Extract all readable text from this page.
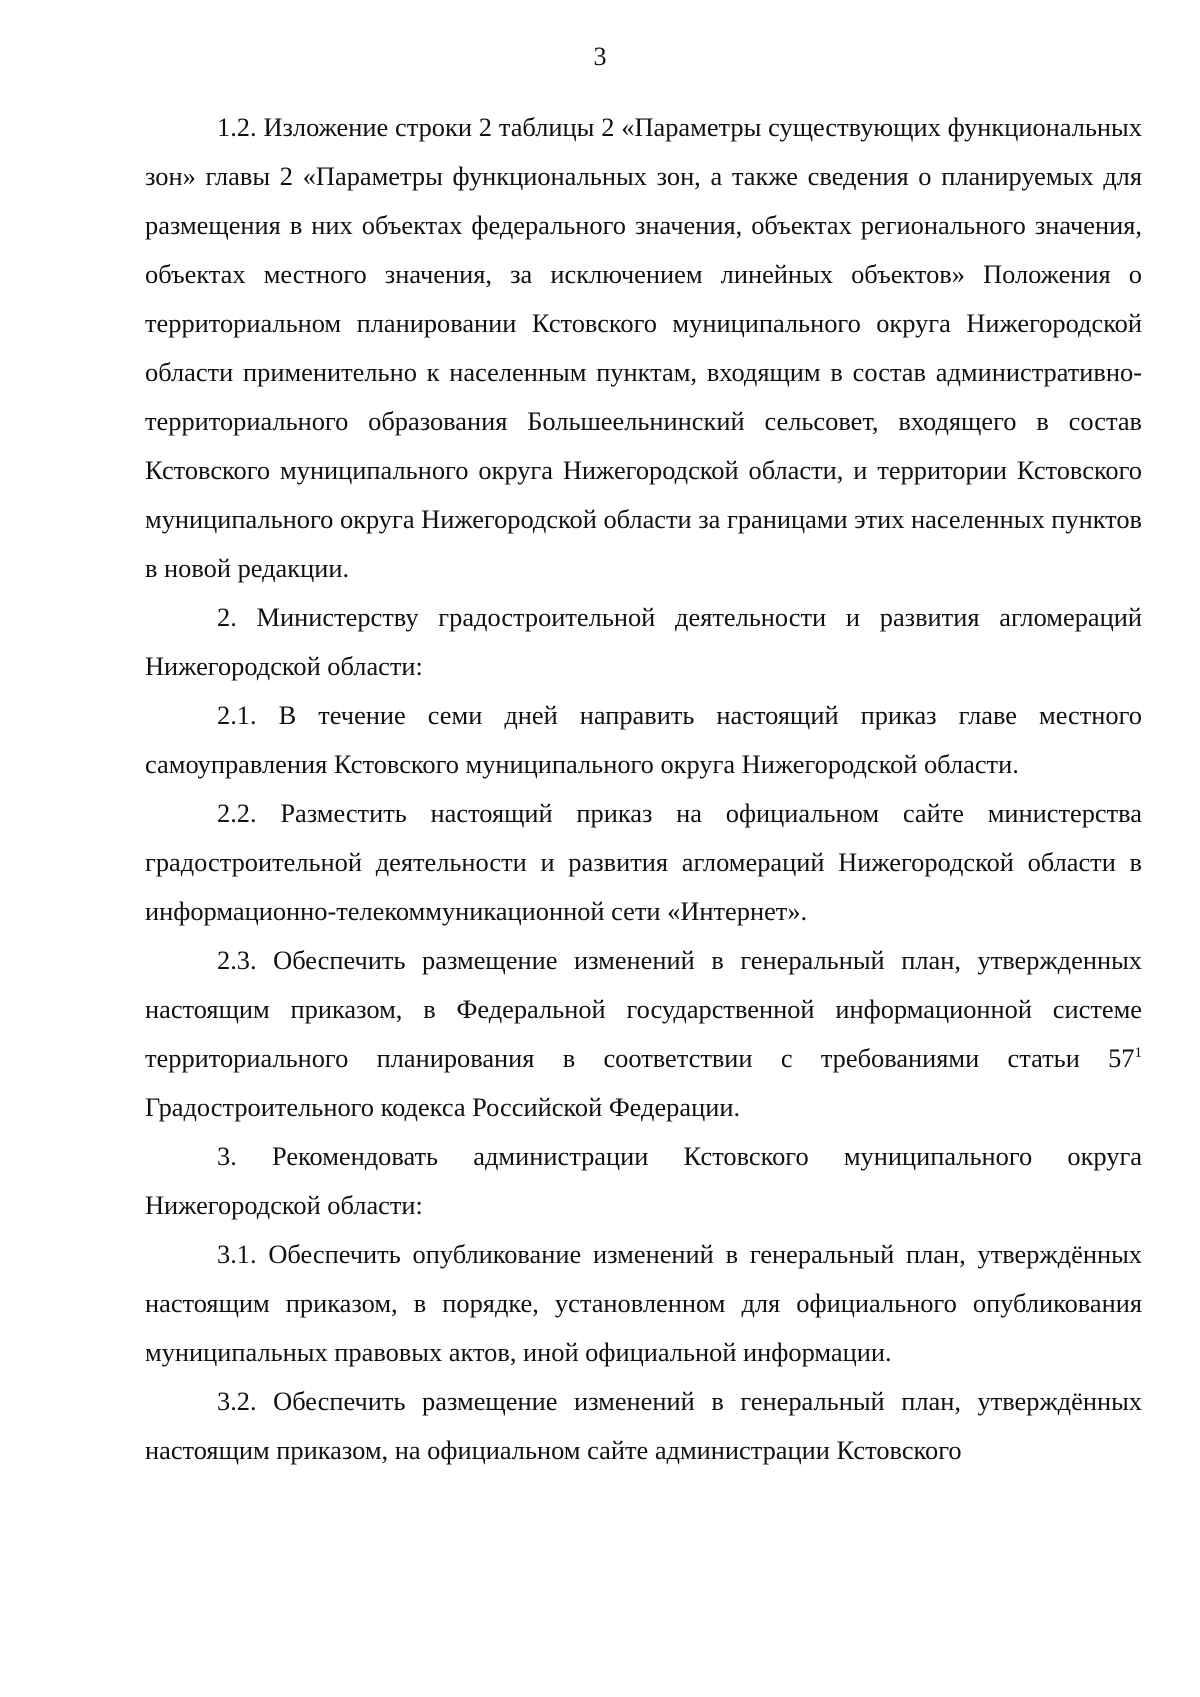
3

1.2. Изложение строки 2 таблицы 2 «Параметры существующих функциональных зон» главы 2 «Параметры функциональных зон, а также сведения о планируемых для размещения в них объектах федерального значения, объектах регионального значения, объектах местного значения, за исключением линейных объектов» Положения о территориальном планировании Кстовского муниципального округа Нижегородской области применительно к населенным пунктам, входящим в состав административно-территориального образования Большеельнинский сельсовет, входящего в состав Кстовского муниципального округа Нижегородской области, и территории Кстовского муниципального округа Нижегородской области за границами этих населенных пунктов в новой редакции.

2. Министерству градостроительной деятельности и развития агломераций Нижегородской области:

2.1. В течение семи дней направить настоящий приказ главе местного самоуправления Кстовского муниципального округа Нижегородской области.

2.2. Разместить настоящий приказ на официальном сайте министерства градостроительной деятельности и развития агломераций Нижегородской области в информационно-телекоммуникационной сети «Интернет».

2.3. Обеспечить размещение изменений в генеральный план, утвержденных настоящим приказом, в Федеральной государственной информационной системе территориального планирования в соответствии с требованиями статьи $57^1$ Градостроительного кодекса Российской Федерации.

3. Рекомендовать администрации Кстовского муниципального округа Нижегородской области:

3.1. Обеспечить опубликование изменений в генеральный план, утверждённых настоящим приказом, в порядке, установленном для официального опубликования муниципальных правовых актов, иной официальной информации.

3.2. Обеспечить размещение изменений в генеральный план, утверждённых настоящим приказом, на официальном сайте администрации Кстовского
